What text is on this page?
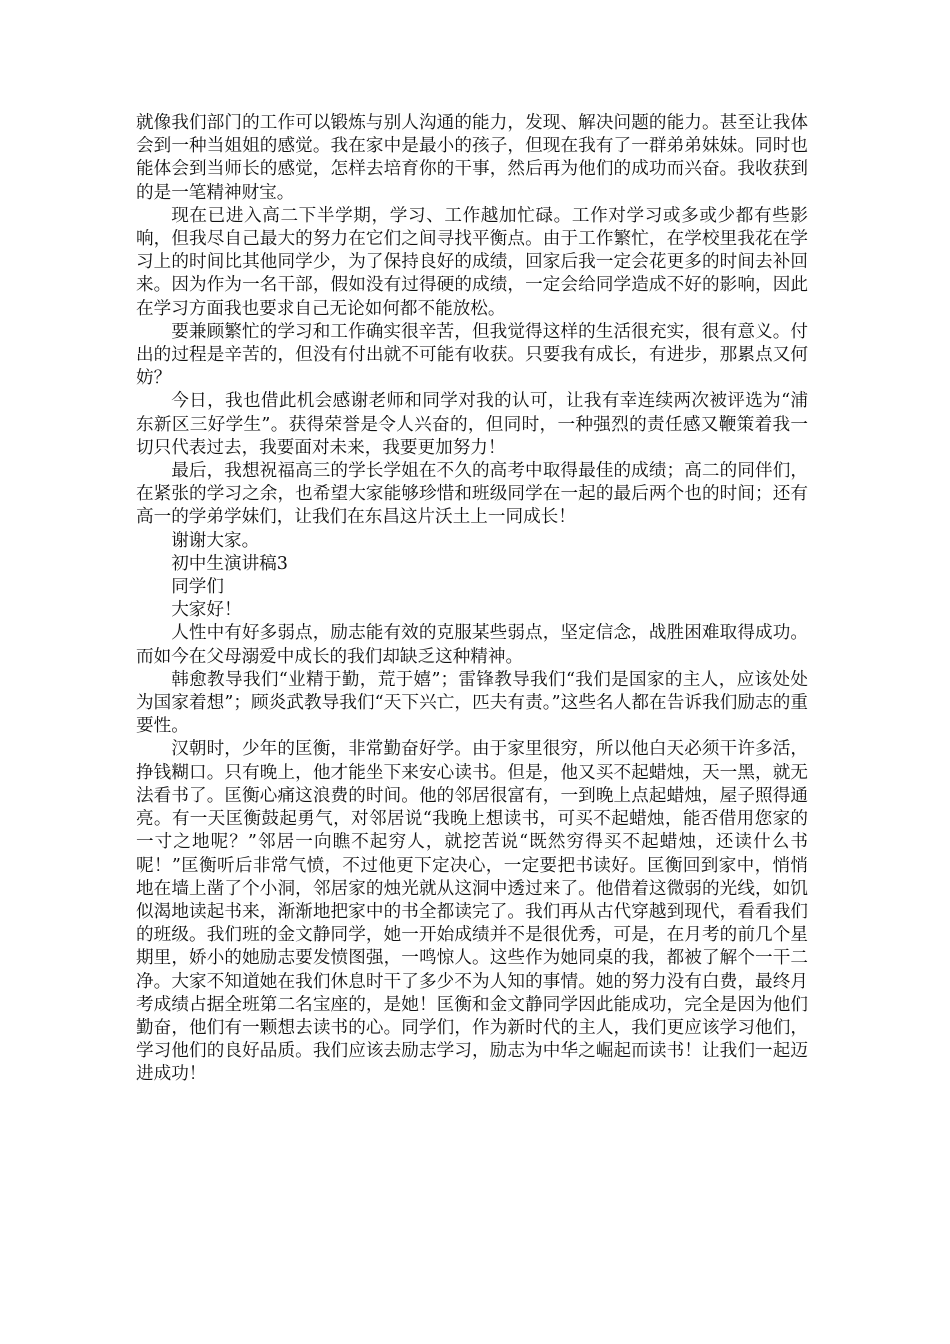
就像我们部门的工作可以锻炼与别人沟通的能力，发现、解决问题的能力。甚至让我体会到一种当姐姐的感觉。我在家中是最小的孩子，但现在我有了一群弟弟妹妹。同时也能体会到当师长的感觉，怎样去培育你的干事，然后再为他们的成功而兴奋。我收获到的是一笔精神财宝。

现在已进入高二下半学期，学习、工作越加忙碌。工作对学习或多或少都有些影响，但我尽自己最大的努力在它们之间寻找平衡点。由于工作繁忙，在学校里我花在学习上的时间比其他同学少，为了保持良好的成绩，回家后我一定会花更多的时间去补回来。因为作为一名干部，假如没有过得硬的成绩，一定会给同学造成不好的影响，因此在学习方面我也要求自己无论如何都不能放松。

要兼顾繁忙的学习和工作确实很辛苦，但我觉得这样的生活很充实，很有意义。付出的过程是辛苦的，但没有付出就不可能有收获。只要我有成长，有进步，那累点又何妨？

今日，我也借此机会感谢老师和同学对我的认可，让我有幸连续两次被评选为“浦东新区三好学生”。获得荣誉是令人兴奋的，但同时，一种强烈的责任感又鞭策着我一切只代表过去，我要面对未来，我要更加努力！

最后，我想祝福高三的学长学姐在不久的高考中取得最佳的成绩；高二的同伴们，在紧张的学习之余，也希望大家能够珍惜和班级同学在一起的最后两个也的时间；还有高一的学弟学妹们，让我们在东昌这片沃土上一同成长！

谢谢大家。

初中生演讲稿3

同学们

大家好！

人性中有好多弱点，励志能有效的克服某些弱点，坚定信念，战胜困难取得成功。而如今在父母溺爱中成长的我们却缺乏这种精神。

韩愈教导我们“业精于勤，荒于嬉”；雷锋教导我们“我们是国家的主人，应该处处为国家着想”；顾炎武教导我们“天下兴亡，匹夫有责。”这些名人都在告诉我们励志的重要性。

汉朝时，少年的匡衡，非常勤奋好学。由于家里很穷，所以他白天必须干许多活，挣钱糊口。只有晚上，他才能坐下来安心读书。但是，他又买不起蜡烛，天一黑，就无法看书了。匡衡心痛这浪费的时间。他的邻居很富有，一到晚上点起蜡烛，屋子照得通亮。有一天匡衡鼓起勇气，对邻居说“我晚上想读书，可买不起蜡烛，能否借用您家的一寸之地呢？”邻居一向瞧不起穷人，就挖苦说“既然穷得买不起蜡烛，还读什么书呢！”匡衡听后非常气愤，不过他更下定决心，一定要把书读好。匡衡回到家中，悄悄地在墙上凿了个小洞，邻居家的烛光就从这洞中透过来了。他借着这微弱的光线，如饥似渴地读起书来，渐渐地把家中的书全都读完了。我们再从古代穿越到现代，看看我们的班级。我们班的金文静同学，她一开始成绩并不是很优秀，可是，在月考的前几个星期里，娇小的她励志要发愤图强，一鸣惊人。这些作为她同桌的我，都被了解个一干二净。大家不知道她在我们休息时干了多少不为人知的事情。她的努力没有白费，最终月考成绩占据全班第二名宝座的，是她！匡衡和金文静同学因此能成功，完全是因为他们勤奋，他们有一颗想去读书的心。同学们，作为新时代的主人，我们更应该学习他们，学习他们的良好品质。我们应该去励志学习，励志为中华之崛起而读书！让我们一起迈进成功！
